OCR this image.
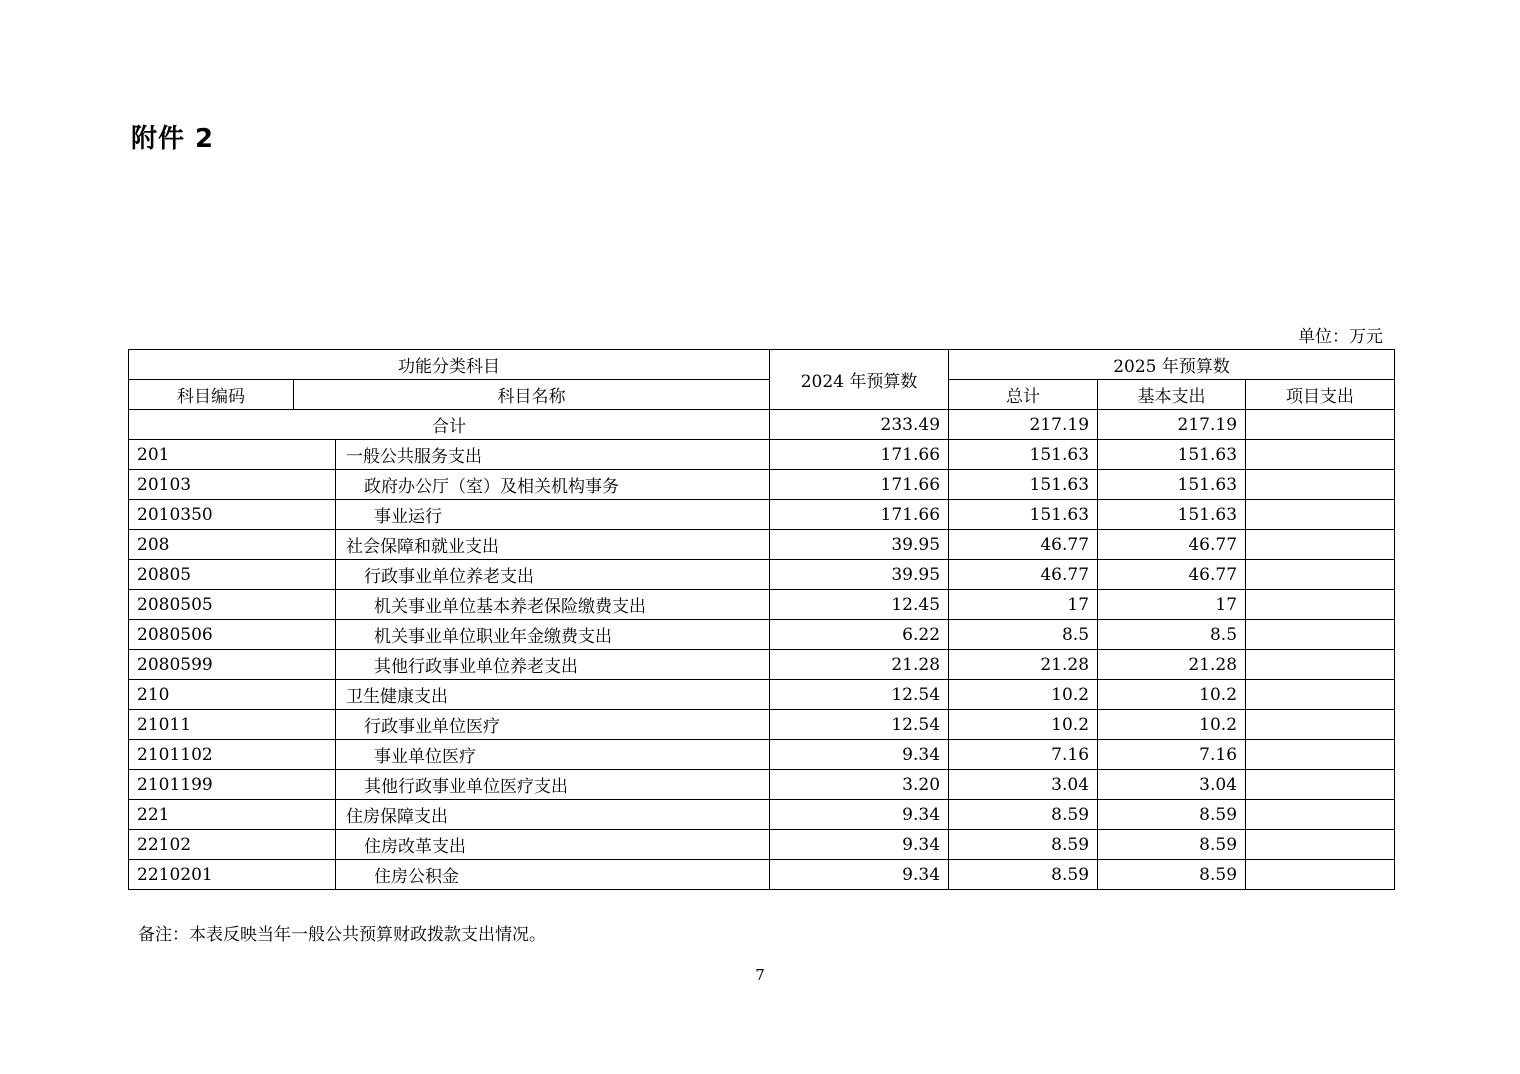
附件 2
单位：万元
功能分类科目			2024 年预算数	2025 年预算数		
科目编码	科目名称			总计	基本支出	项目支出
合计			233.49	217.19	217.19	
201		一般公共服务支出	171.66	151.63	151.63	
20103		政府办公厅（室）及相关机构事务	171.66	151.63	151.63	
2010350		事业运行	171.66	151.63	151.63	
208		社会保障和就业支出	39.95	46.77	46.77	
20805		行政事业单位养老支出	39.95	46.77	46.77	
2080505		机关事业单位基本养老保险缴费支出	12.45	17	17	
2080506		机关事业单位职业年金缴费支出	6.22	8.5	8.5	
2080599		其他行政事业单位养老支出	21.28	21.28	21.28	
210		卫生健康支出	12.54	10.2	10.2	
21011		行政事业单位医疗	12.54	10.2	10.2	
2101102		事业单位医疗	9.34	7.16	7.16	
2101199		其他行政事业单位医疗支出	3.20	3.04	3.04	
221		住房保障支出	9.34	8.59	8.59	
22102		住房改革支出	9.34	8.59	8.59	
2210201		住房公积金	9.34	8.59	8.59	
备注：本表反映当年一般公共预算财政拨款支出情况。
7
